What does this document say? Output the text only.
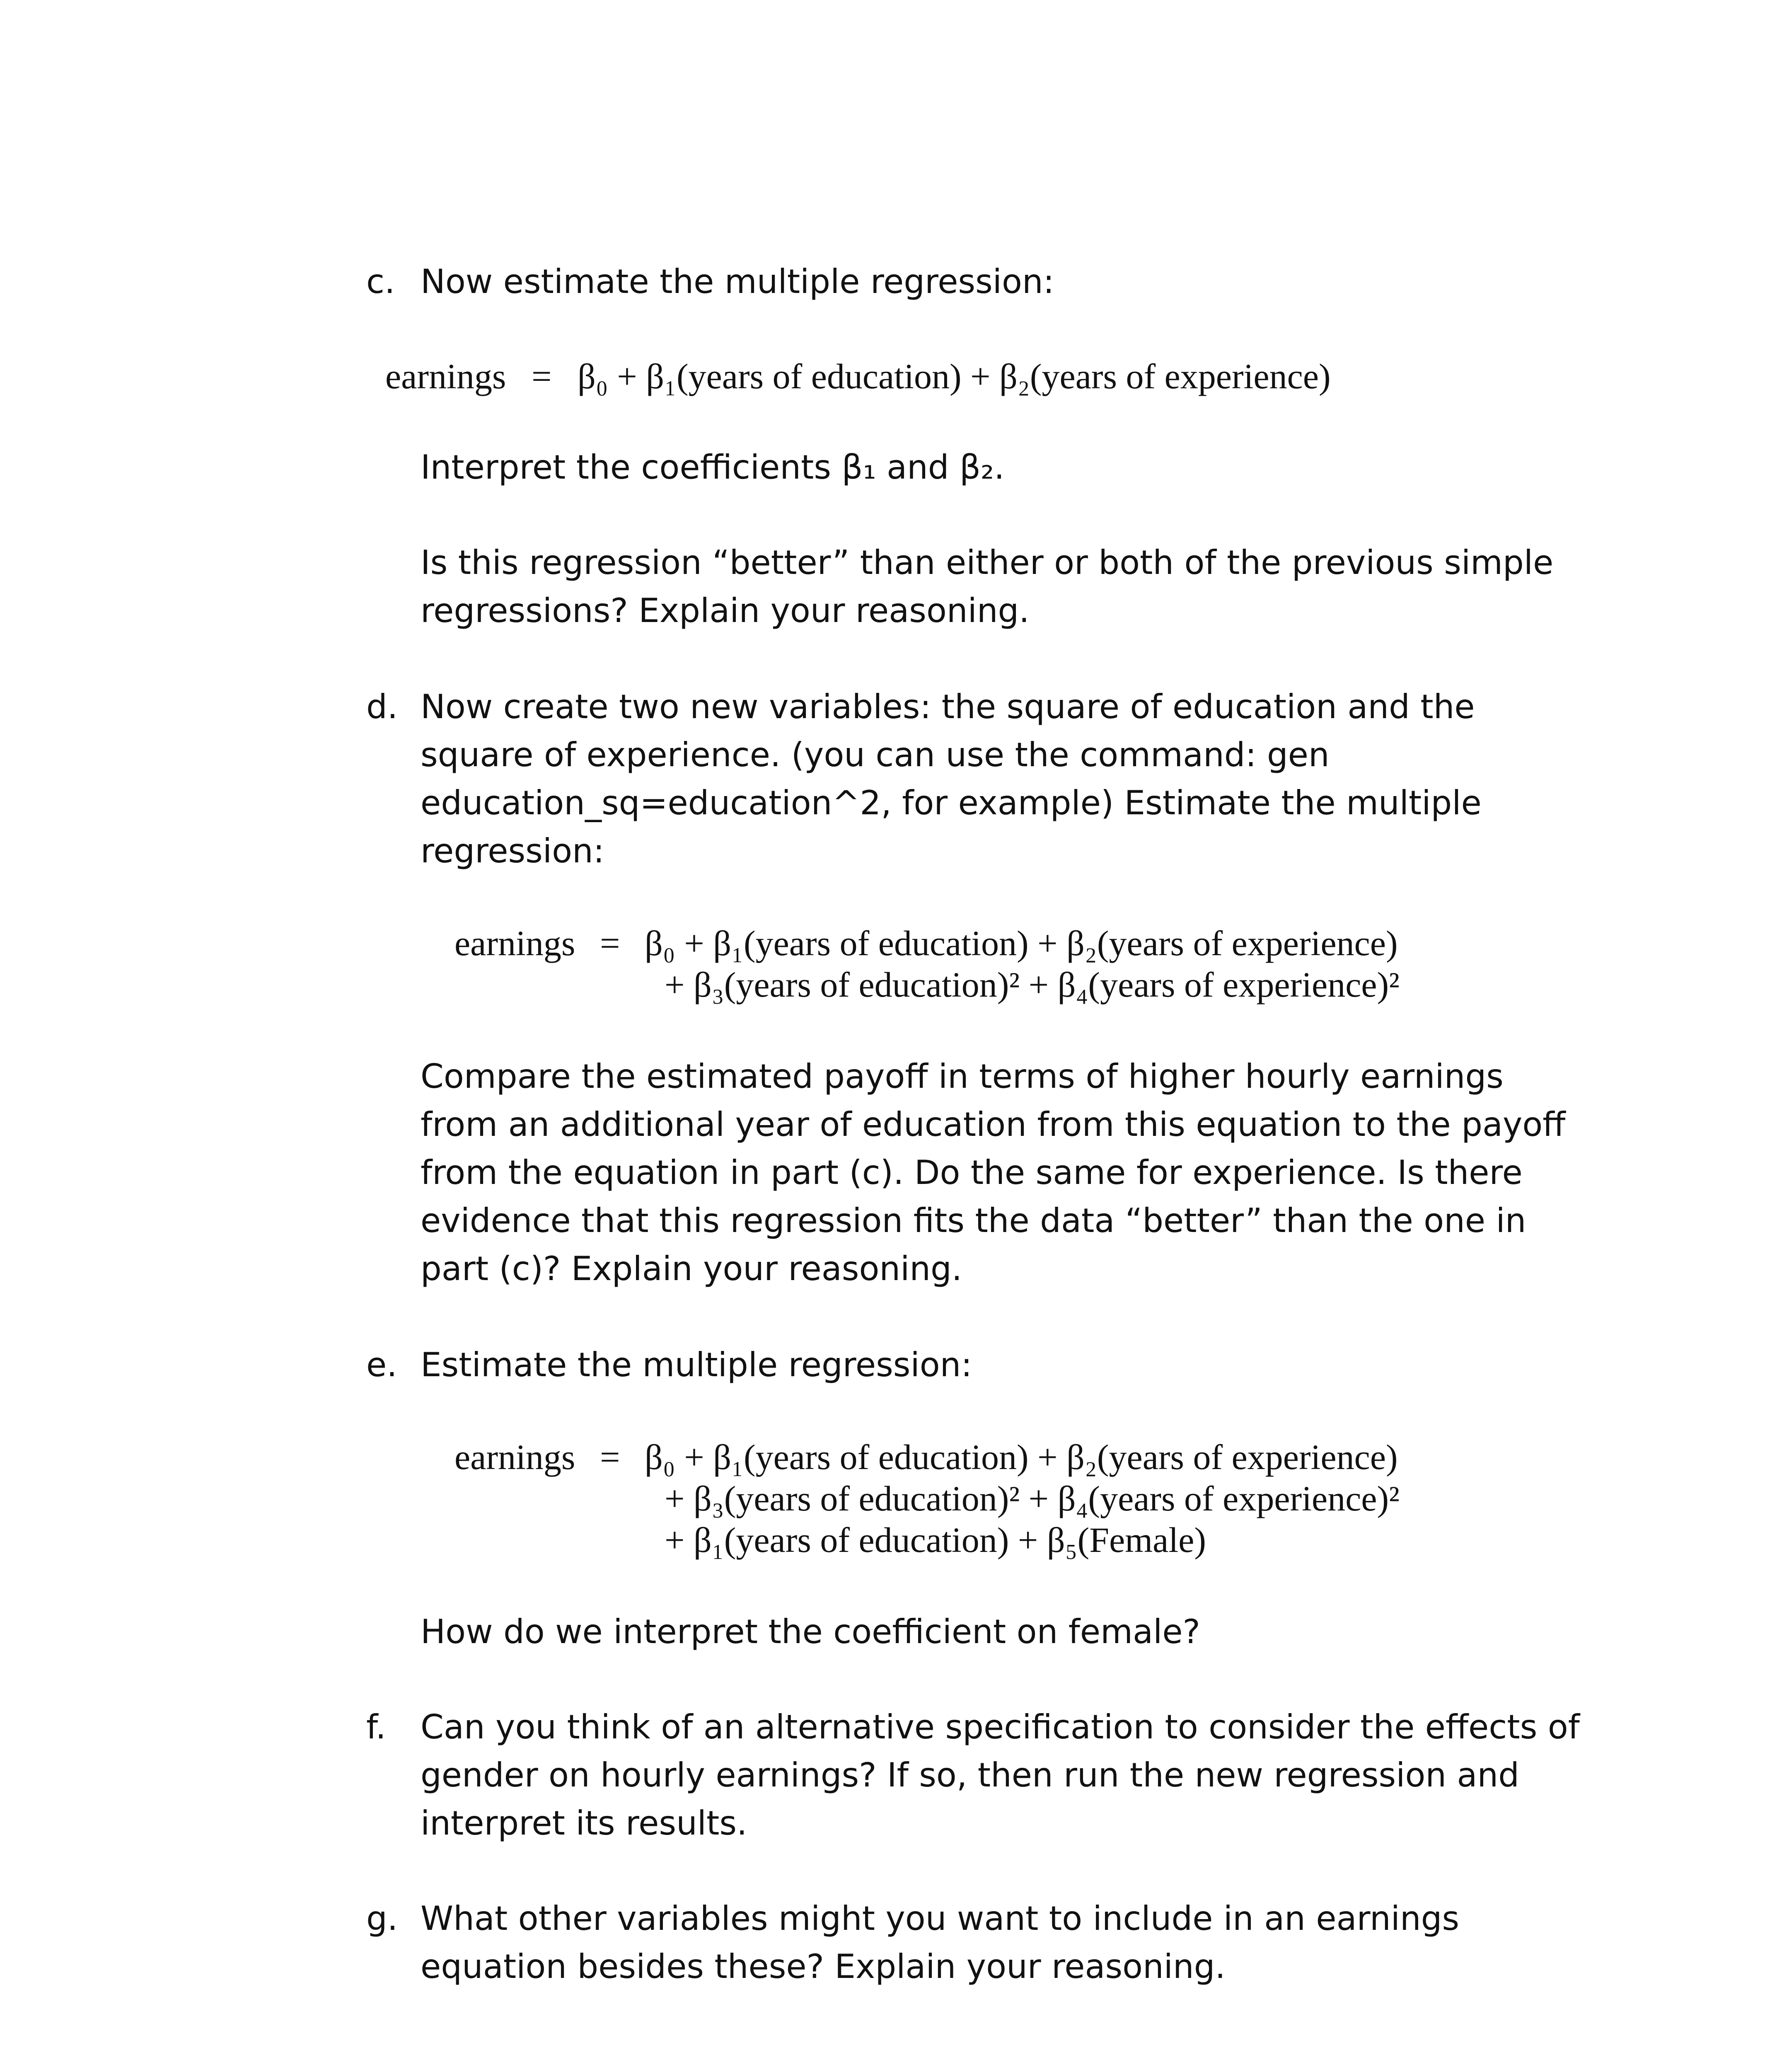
c. Now estimate the multiple regression:
earnings = β₀ + β₁(years of education) + β₂(years of experience)
Interpret the coefficients β₁ and β₂.
Is this regression “better” than either or both of the previous simple
regressions? Explain your reasoning.
d. Now create two new variables: the square of education and the
square of experience. (you can use the command: gen
education_sq=education^2, for example) Estimate the multiple
regression:
earnings = β₀ + β₁(years of education) + β₂(years of experience)
+ β₃(years of education)² + β₄(years of experience)²
Compare the estimated payoff in terms of higher hourly earnings
from an additional year of education from this equation to the payoff
from the equation in part (c). Do the same for experience. Is there
evidence that this regression fits the data “better” than the one in
part (c)? Explain your reasoning.
e. Estimate the multiple regression:
earnings = β₀ + β₁(years of education) + β₂(years of experience)
+ β₃(years of education)² + β₄(years of experience)²
+ β₁(years of education) + β₅(Female)
How do we interpret the coefficient on female?
f. Can you think of an alternative specification to consider the effects of
gender on hourly earnings? If so, then run the new regression and
interpret its results.
g. What other variables might you want to include in an earnings
equation besides these? Explain your reasoning.
